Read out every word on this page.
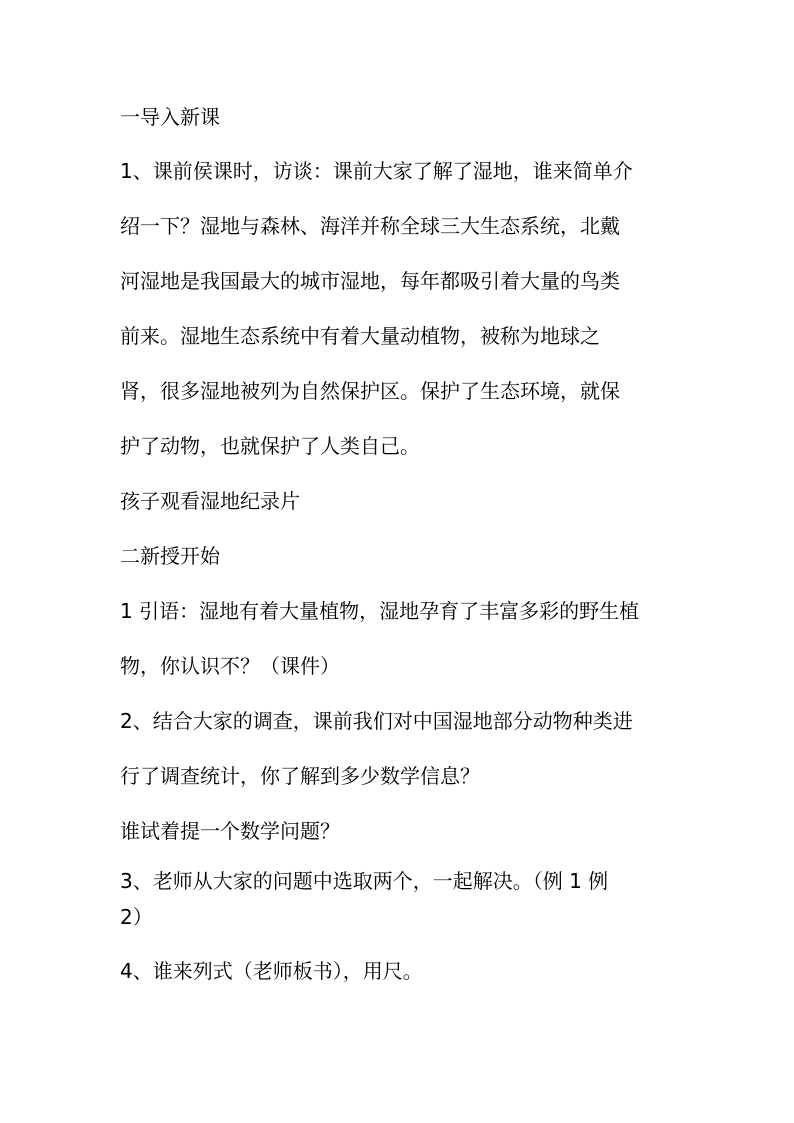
一导入新课
1、课前侯课时，访谈：课前大家了解了湿地，谁来简单介
绍一下？湿地与森林、海洋并称全球三大生态系统，北戴
河湿地是我国最大的城市湿地，每年都吸引着大量的鸟类
前来。湿地生态系统中有着大量动植物，被称为地球之
肾，很多湿地被列为自然保护区。保护了生态环境，就保
护了动物，也就保护了人类自己。
孩子观看湿地纪录片
二新授开始
1 引语：湿地有着大量植物，湿地孕育了丰富多彩的野生植
物，你认识不？（课件）
2、结合大家的调查，课前我们对中国湿地部分动物种类进
行了调查统计，你了解到多少数学信息？
谁试着提一个数学问题？
3、老师从大家的问题中选取两个，一起解决。（例 1 例
2）
4、谁来列式（老师板书），用尺。
